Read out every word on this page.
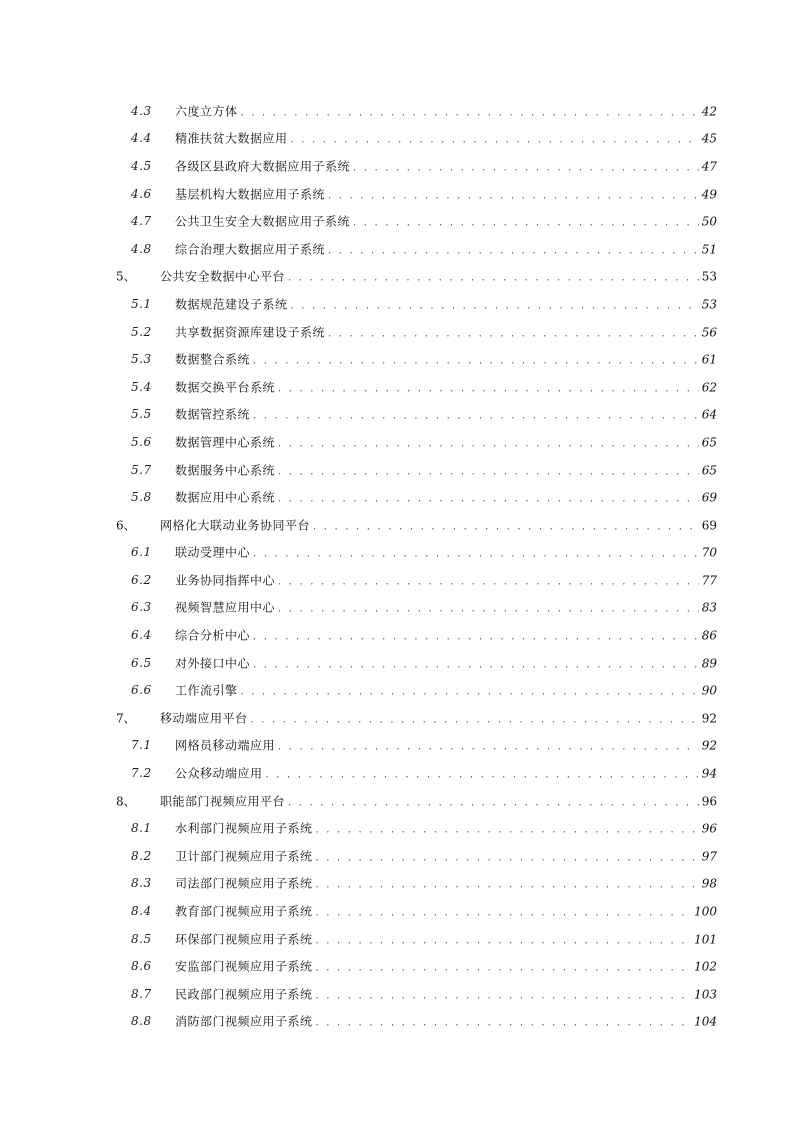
4.3 六度立方体 . . .	42
4.4 精准扶贫大数据应用 . . .	45
4.5 各级区县政府大数据应用子系统 . . .	47
4.6 基层机构大数据应用子系统 . . .	49
4.7 公共卫生安全大数据应用子系统 . . .	50
4.8 综合治理大数据应用子系统 . . .	51
5、 公共安全数据中心平台 . . .	53
5.1 数据规范建设子系统 . . .	53
5.2 共享数据资源库建设子系统 . . .	56
5.3 数据整合系统 . . .	61
5.4 数据交换平台系统 . . .	62
5.5 数据管控系统 . . .	64
5.6 数据管理中心系统 . . .	65
5.7 数据服务中心系统 . . .	65
5.8 数据应用中心系统 . . .	69
6、 网格化大联动业务协同平台 . . .	69
6.1 联动受理中心 . . .	70
6.2 业务协同指挥中心 . . .	77
6.3 视频智慧应用中心 . . .	83
6.4 综合分析中心 . . .	86
6.5 对外接口中心 . . .	89
6.6 工作流引擎 . . .	90
7、 移动端应用平台 . . .	92
7.1 网格员移动端应用 . . .	92
7.2 公众移动端应用 . . .	94
8、 职能部门视频应用平台 . . .	96
8.1 水利部门视频应用子系统 . . .	96
8.2 卫计部门视频应用子系统 . . .	97
8.3 司法部门视频应用子系统 . . .	98
8.4 教育部门视频应用子系统 . . .	100
8.5 环保部门视频应用子系统 . . .	101
8.6 安监部门视频应用子系统 . . .	102
8.7 民政部门视频应用子系统 . . .	103
8.8 消防部门视频应用子系统 . . .	104
